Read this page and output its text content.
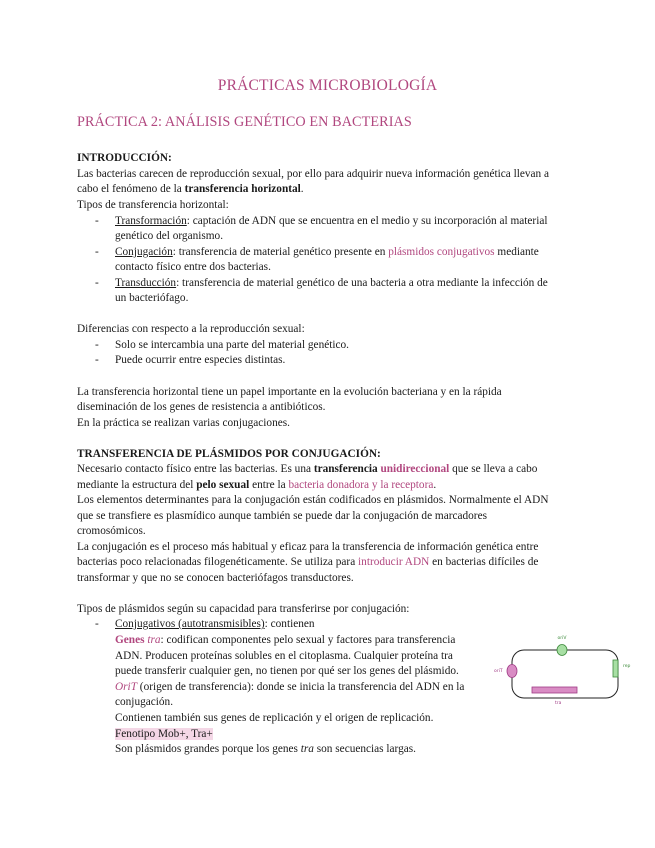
PRÁCTICAS MICROBIOLOGÍA
PRÁCTICA 2: ANÁLISIS GENÉTICO EN BACTERIAS
INTRODUCCIÓN:
Las bacterias carecen de reproducción sexual, por ello para adquirir nueva información genética llevan a
cabo el fenómeno de la transferencia horizontal.
Tipos de transferencia horizontal:
- Transformación: captación de ADN que se encuentra en el medio y su incorporación al material
genético del organismo.
- Conjugación: transferencia de material genético presente en plásmidos conjugativos mediante
contacto físico entre dos bacterias.
- Transducción: transferencia de material genético de una bacteria a otra mediante la infección de
un bacteriófago.
Diferencias con respecto a la reproducción sexual:
- Solo se intercambia una parte del material genético.
- Puede ocurrir entre especies distintas.
La transferencia horizontal tiene un papel importante en la evolución bacteriana y en la rápida
diseminación de los genes de resistencia a antibióticos.
En la práctica se realizan varias conjugaciones.
TRANSFERENCIA DE PLÁSMIDOS POR CONJUGACIÓN:
Necesario contacto físico entre las bacterias. Es una transferencia unidireccional que se lleva a cabo
mediante la estructura del pelo sexual entre la bacteria donadora y la receptora.
Los elementos determinantes para la conjugación están codificados en plásmidos. Normalmente el ADN
que se transfiere es plasmídico aunque también se puede dar la conjugación de marcadores
cromosómicos.
La conjugación es el proceso más habitual y eficaz para la transferencia de información genética entre
bacterias poco relacionadas filogenéticamente. Se utiliza para introducir ADN en bacterias difíciles de
transformar y que no se conocen bacteriófagos transductores.
Tipos de plásmidos según su capacidad para transferirse por conjugación:
- Conjugativos (autotransmisibles): contienen
Genes tra: codifican componentes pelo sexual y factores para transferencia
ADN. Producen proteínas solubles en el citoplasma. Cualquier proteína tra
puede transferir cualquier gen, no tienen por qué ser los genes del plásmido.
OriT (origen de transferencia): donde se inicia la transferencia del ADN en la
conjugación.
Contienen también sus genes de replicación y el origen de replicación.
Fenotipo Mob+, Tra+
Son plásmidos grandes porque los genes tra son secuencias largas.
oriV
rep
oriT
tra
